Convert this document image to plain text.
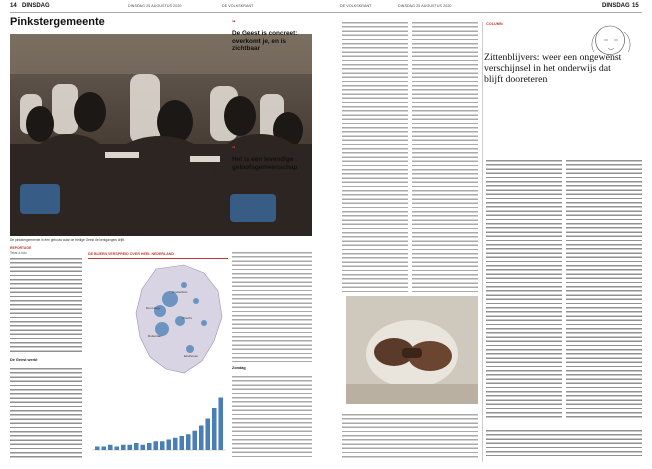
14 DINSDAG	DINSDAG 25 AUGUSTUS 2020	DE VOLKSKRANT	DE VOLKSKRANT	DINSDAG 25 AUGUSTUS 2020	DINSDAG 15
Pinkstergemeente
De pinkstergemeente in een gebouw waar de Heilige Geest de kerkgangers drijft.
REPORTAGE
Tekst & foto
De Geest werkt
Zondag
DE BIJEEN VERSPREID OVER HEEL NEDERLAND
Den Haag
Amsterdam
Utrecht
Rotterdam
Eindhoven
“
De Geest is concreet: overkomt je, en is zichtbaar
“
Het is een levendige geloofsgemeenschap
COLUMN
Zittenblijvers: weer een ongewenst verschijnsel in het onderwijs dat blijft dooreteren
